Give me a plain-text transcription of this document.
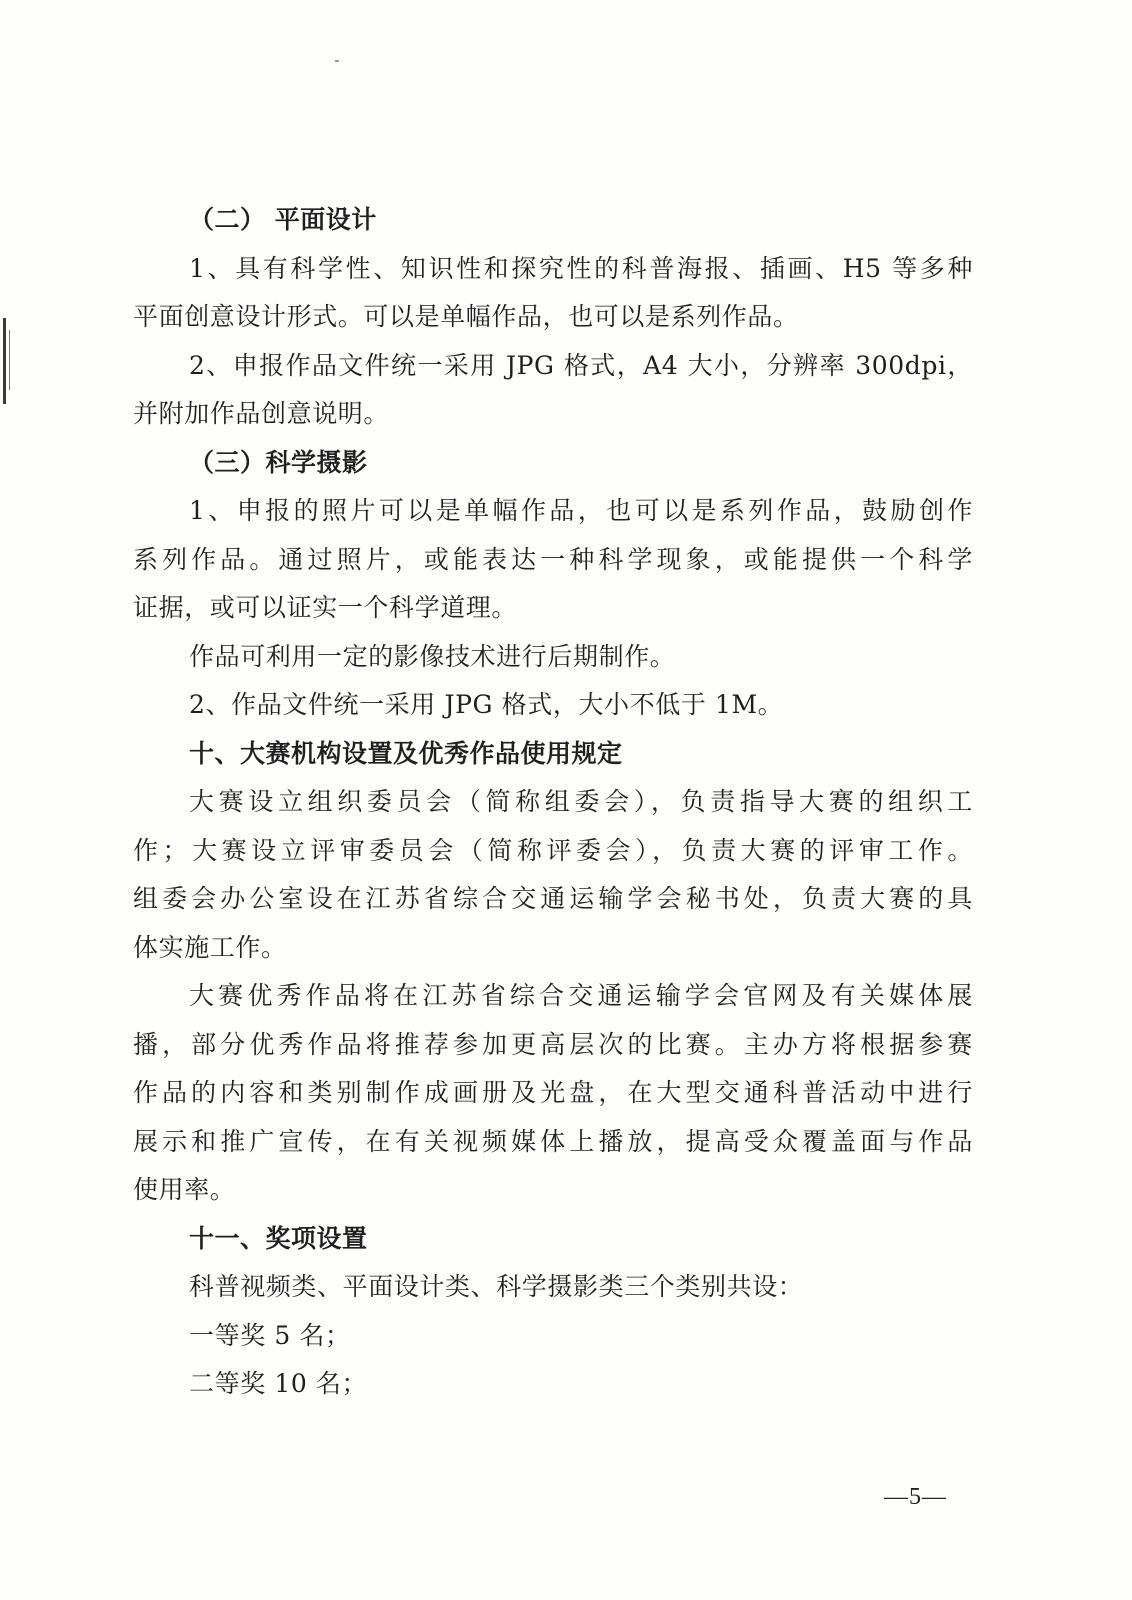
（二） 平面设计
1、具有科学性、知识性和探究性的科普海报、插画、H5 等多种
平面创意设计形式。可以是单幅作品，也可以是系列作品。
2、申报作品文件统一采用 JPG 格式，A4 大小，分辨率 300dpi，
并附加作品创意说明。
（三）科学摄影
1、申报的照片可以是单幅作品，也可以是系列作品，鼓励创作
系列作品。通过照片，或能表达一种科学现象，或能提供一个科学
证据，或可以证实一个科学道理。
作品可利用一定的影像技术进行后期制作。
2、作品文件统一采用 JPG 格式，大小不低于 1M。
十、大赛机构设置及优秀作品使用规定
大赛设立组织委员会（简称组委会），负责指导大赛的组织工
作；大赛设立评审委员会（简称评委会），负责大赛的评审工作。
组委会办公室设在江苏省综合交通运输学会秘书处，负责大赛的具
体实施工作。
大赛优秀作品将在江苏省综合交通运输学会官网及有关媒体展
播，部分优秀作品将推荐参加更高层次的比赛。主办方将根据参赛
作品的内容和类别制作成画册及光盘，在大型交通科普活动中进行
展示和推广宣传，在有关视频媒体上播放，提高受众覆盖面与作品
使用率。
十一、奖项设置
科普视频类、平面设计类、科学摄影类三个类别共设：
一等奖 5 名；
二等奖 10 名；
—5—
